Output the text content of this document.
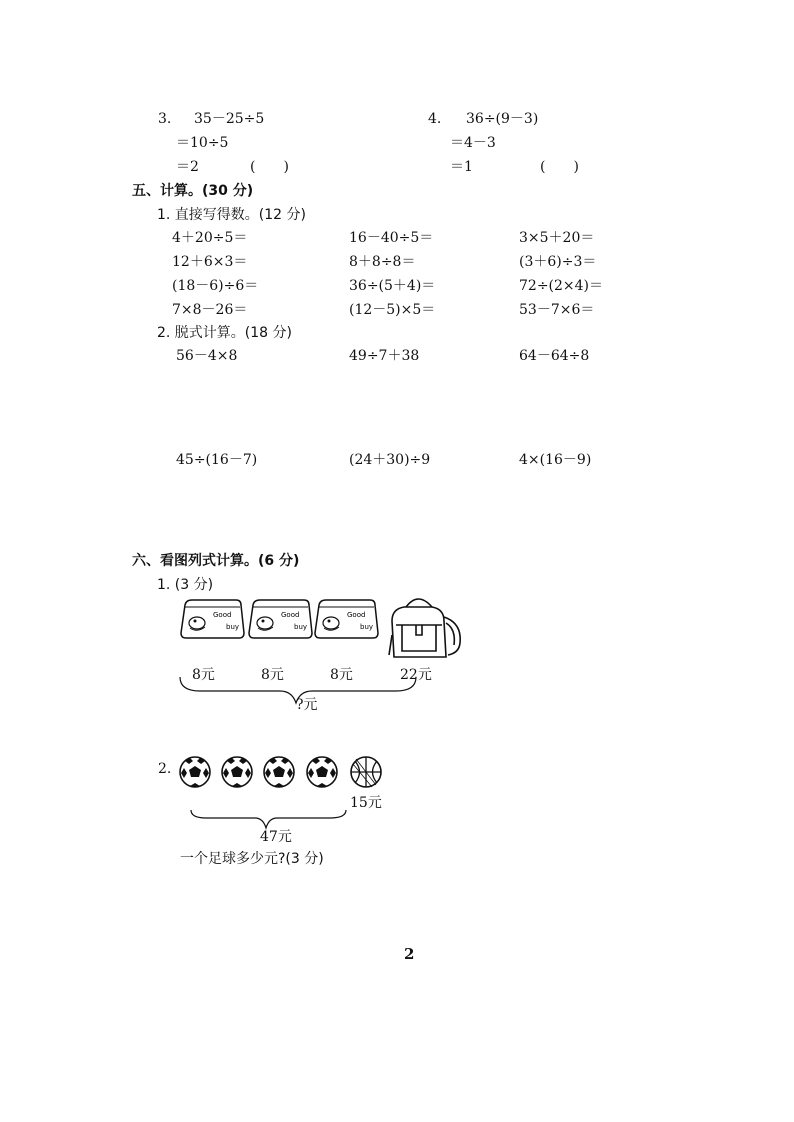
3. 35－25÷5
＝10÷5
＝2	(　　)
4. 36÷(9－3)
＝4－3
＝1	(　　)
五、计算。(30 分)
1. 直接写得数。(12 分)
4＋20÷5＝	16－40÷5＝	3×5＋20＝
12＋6×3＝	8＋8÷8＝	(3＋6)÷3＝
(18－6)÷6＝	36÷(5＋4)＝	72÷(2×4)＝
7×8－26＝	(12－5)×5＝	53－7×6＝
2. 脱式计算。(18 分)
56－4×8	49÷7＋38	64－64÷8
45÷(16－7)	(24＋30)÷9	4×(16－9)
六、看图列式计算。(6 分)
1. (3 分)
Good
buy
Good
buy
Good
buy
8元	8元	8元	22元
?元
2.
15元
47元
一个足球多少元?(3 分)
2
